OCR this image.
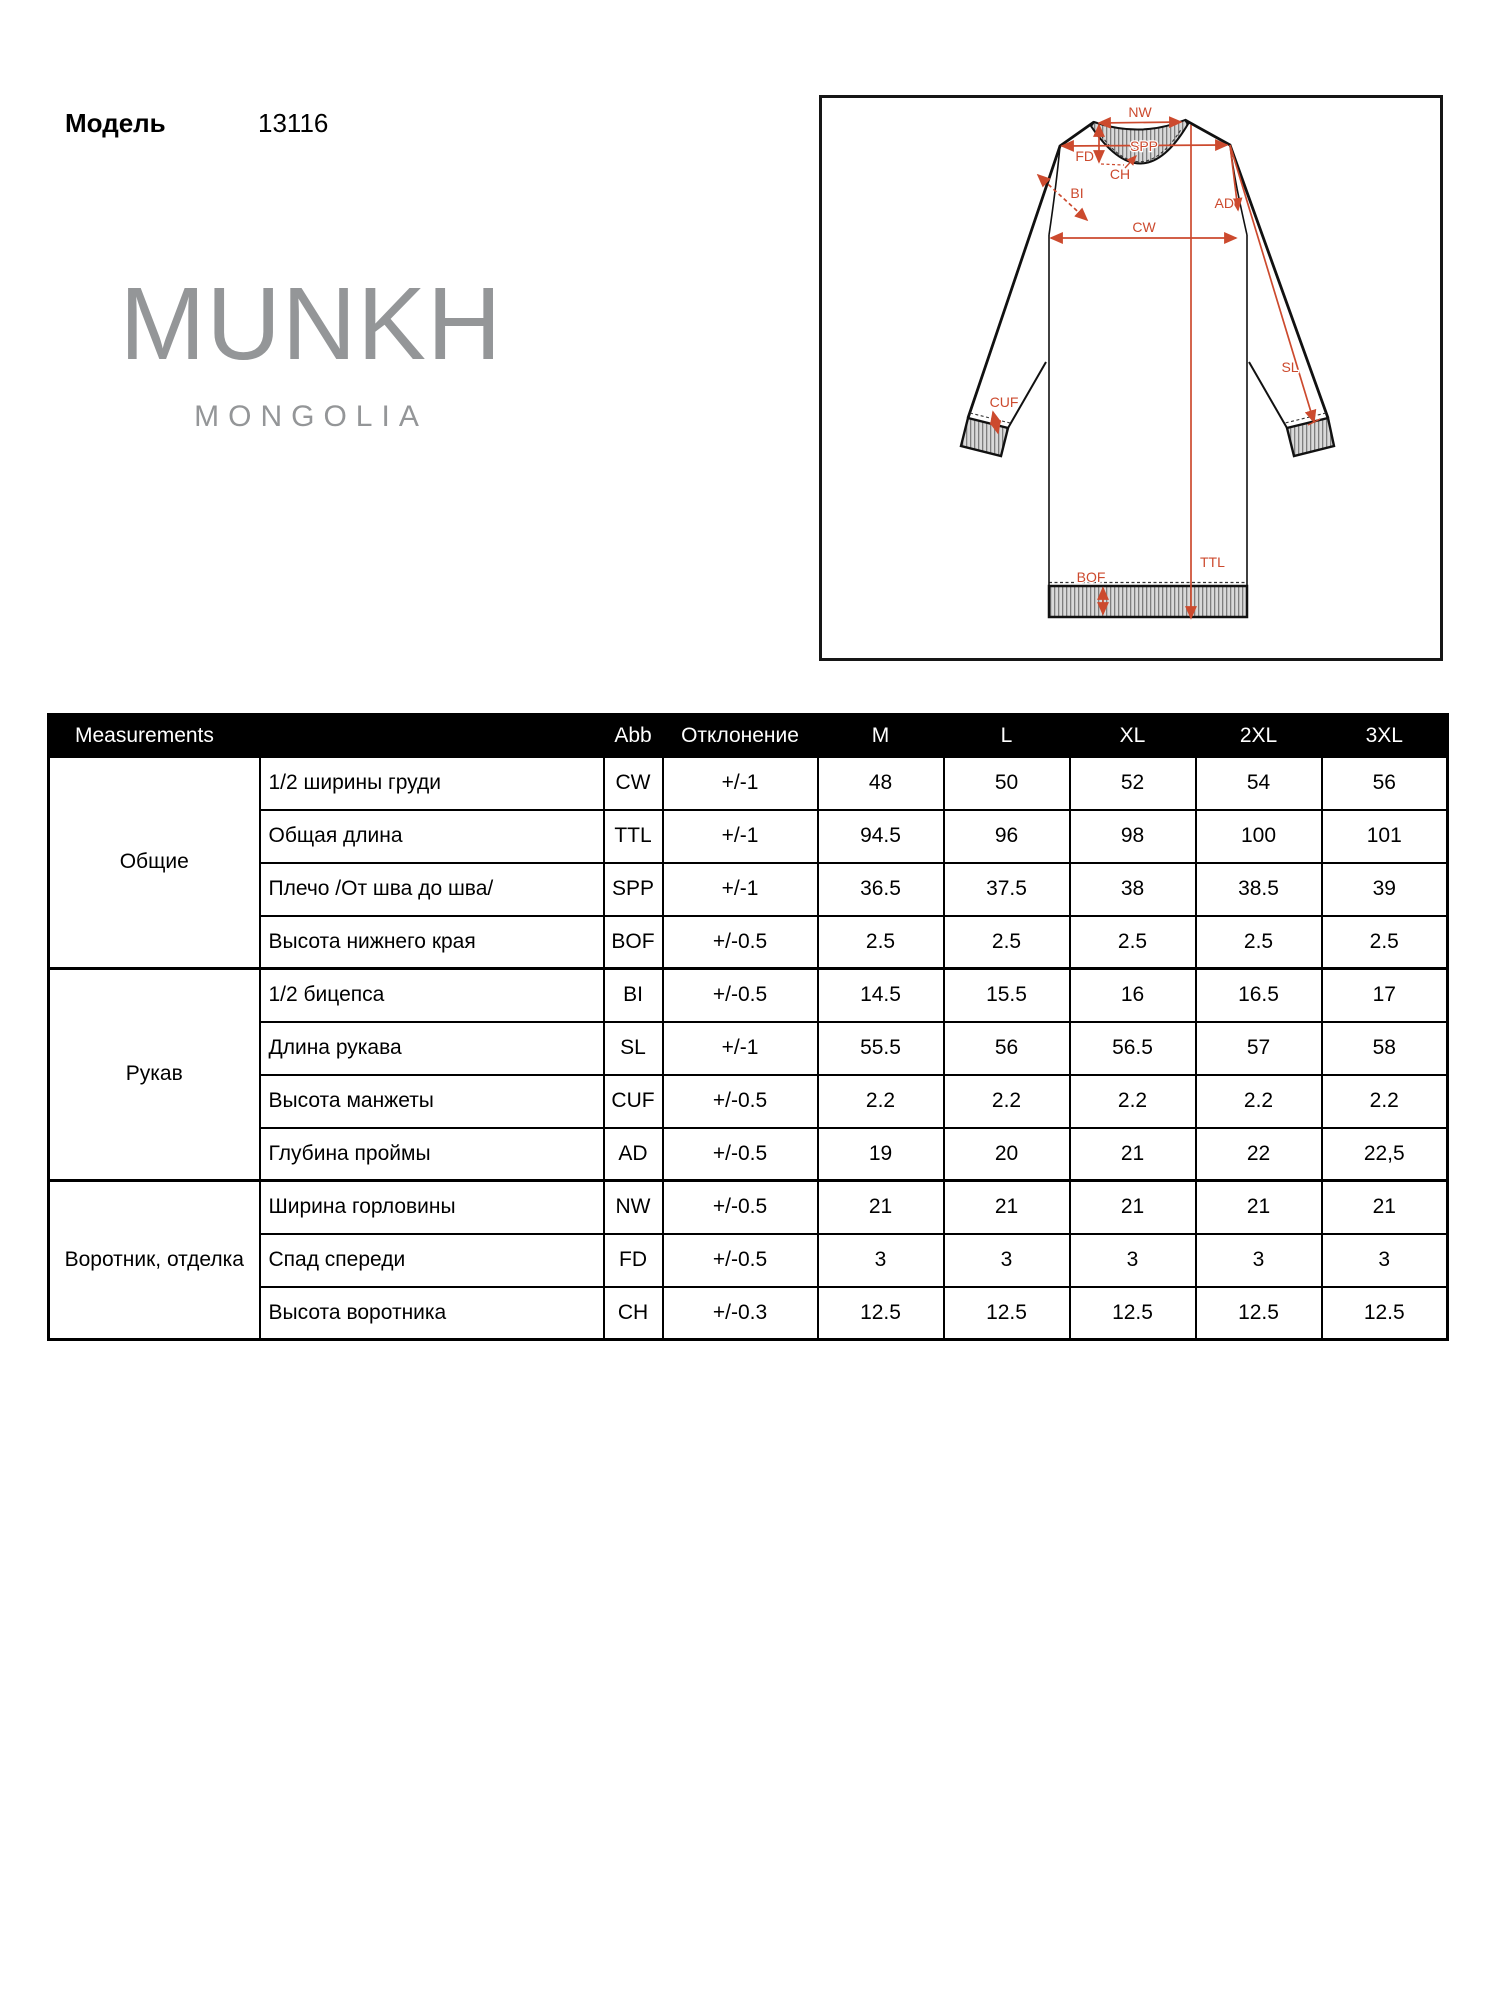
Модель	13116
MUNKH
MONGOLIA
NW
SPP
FD
CH
BI
AD
CW
SL
TTL
CUF
BOF
Measurements		Abb	Отклонение	M	L	XL	2XL	3XL
Общие	1/2 ширины груди	CW	+/-1	48	50	52	54	56
	Общая длина	TTL	+/-1	94.5	96	98	100	101
	Плечо /От шва до шва/	SPP	+/-1	36.5	37.5	38	38.5	39
	Высота нижнего края	BOF	+/-0.5	2.5	2.5	2.5	2.5	2.5
Рукав	1/2 бицепса	BI	+/-0.5	14.5	15.5	16	16.5	17
	Длина рукава	SL	+/-1	55.5	56	56.5	57	58
	Высота манжеты	CUF	+/-0.5	2.2	2.2	2.2	2.2	2.2
	Глубина проймы	AD	+/-0.5	19	20	21	22	22,5
Воротник, отделка	Ширина горловины	NW	+/-0.5	21	21	21	21	21
	Спад спереди	FD	+/-0.5	3	3	3	3	3
	Высота воротника	CH	+/-0.3	12.5	12.5	12.5	12.5	12.5
